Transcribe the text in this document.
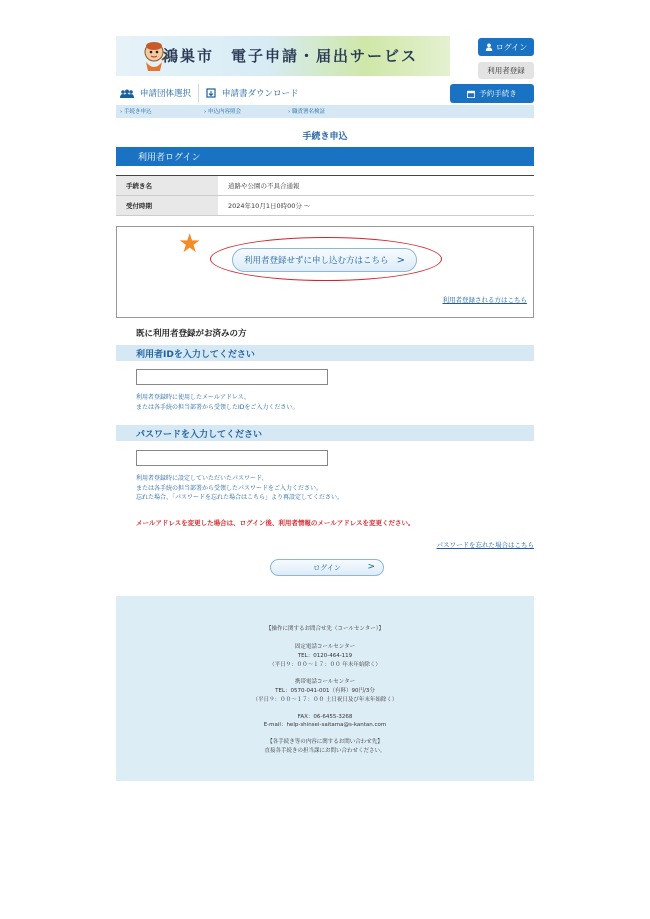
鴻巣市　電子申請・届出サービス	ログイン
利用者登録
申請団体選択	申請書ダウンロード	予約手続き
› 手続き申込	› 申込内容照会	› 職責署名検証
手続き申込
利用者ログイン
手続き名	道路や公園の不具合通報
受付時期	2024年10月1日0時00分 〜
★
利用者登録せずに申し込む方はこちら >
利用者登録される方はこちら
既に利用者登録がお済みの方
利用者IDを入力してください
利用者登録時に使用したメールアドレス、
または各手続の担当部署から受領したIDをご入力ください。
パスワードを入力してください
利用者登録時に設定していただいたパスワード、
または各手続の担当部署から受領したパスワードをご入力ください。
忘れた場合、「パスワードを忘れた場合はこちら」より再設定してください。
メールアドレスを変更した場合は、ログイン後、利用者情報のメールアドレスを変更ください。
パスワードを忘れた場合はこちら
ログイン	>
【操作に関するお問合せ先（コールセンター）】
固定電話コールセンター
TEL：0120-464-119
（平日９：００〜１７：００ 年末年始除く）
携帯電話コールセンター
TEL：0570-041-001（有料）90円/3分
（平日９：００〜１７：００ 土日祝日及び年末年始除く）
FAX：06-6455-3268
E-mail：help-shinsei-saitama@s-kantan.com
【各手続き等の内容に関するお問い合わせ先】
直接各手続きの担当課にお問い合わせください。
